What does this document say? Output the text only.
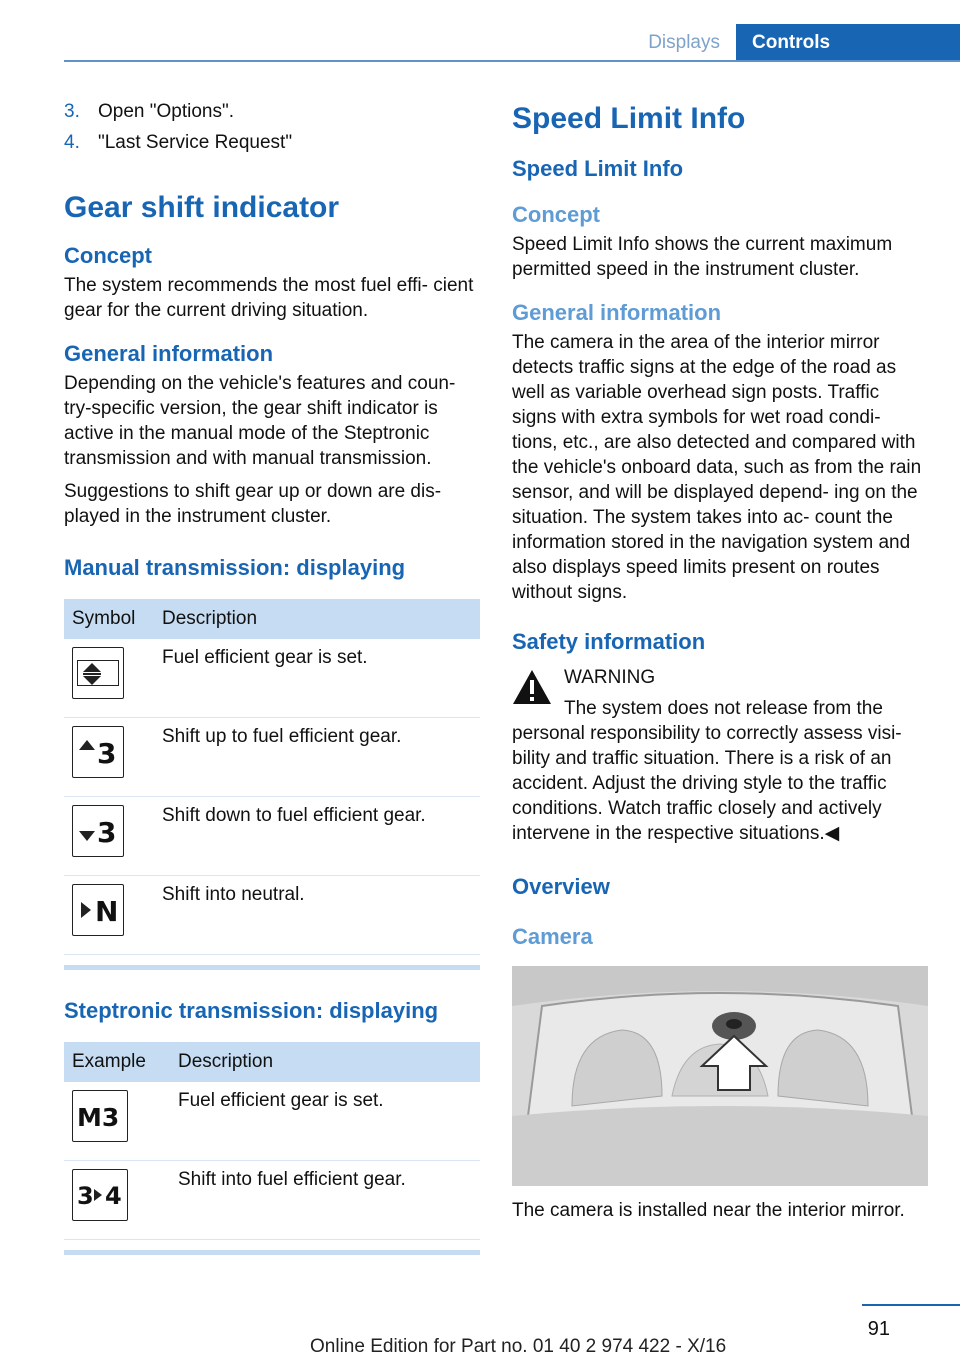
Displays	Controls
3. Open "Options".
4. "Last Service Request"
Gear shift indicator
Concept

The system recommends the most fuel effi‐ cient gear for the current driving situation.

General information

Depending on the vehicle's features and coun‐ try-specific version, the gear shift indicator is active in the manual mode of the Steptronic transmission and with manual transmission.

Suggestions to shift gear up or down are dis‐ played in the instrument cluster.

Manual transmission: displaying
Symbol	Description

	Fuel efficient gear is set.

3	Shift up to fuel efficient gear.

3	Shift down to fuel efficient gear.

N	Shift into neutral.
Steptronic transmission: displaying
Example	Description

M3	Fuel efficient gear is set.

3 4	Shift into fuel efficient gear.
Speed Limit Info
Speed Limit Info
Concept

Speed Limit Info shows the current maximum permitted speed in the instrument cluster.

General information

The camera in the area of the interior mirror detects traffic signs at the edge of the road as well as variable overhead sign posts. Traffic signs with extra symbols for wet road condi‐ tions, etc., are also detected and compared with the vehicle's onboard data, such as from the rain sensor, and will be displayed depend‐ ing on the situation. The system takes into ac‐ count the information stored in the navigation system and also displays speed limits present on routes without signs.

Safety information

WARNING

The system does not release from the

personal responsibility to correctly assess visi‐ bility and traffic situation. There is a risk of an accident. Adjust the driving style to the traffic conditions. Watch traffic closely and actively intervene in the respective situations.◀

Overview
Camera

The camera is installed near the interior mirror.

91
Online Edition for Part no. 01 40 2 974 422 - X/16
